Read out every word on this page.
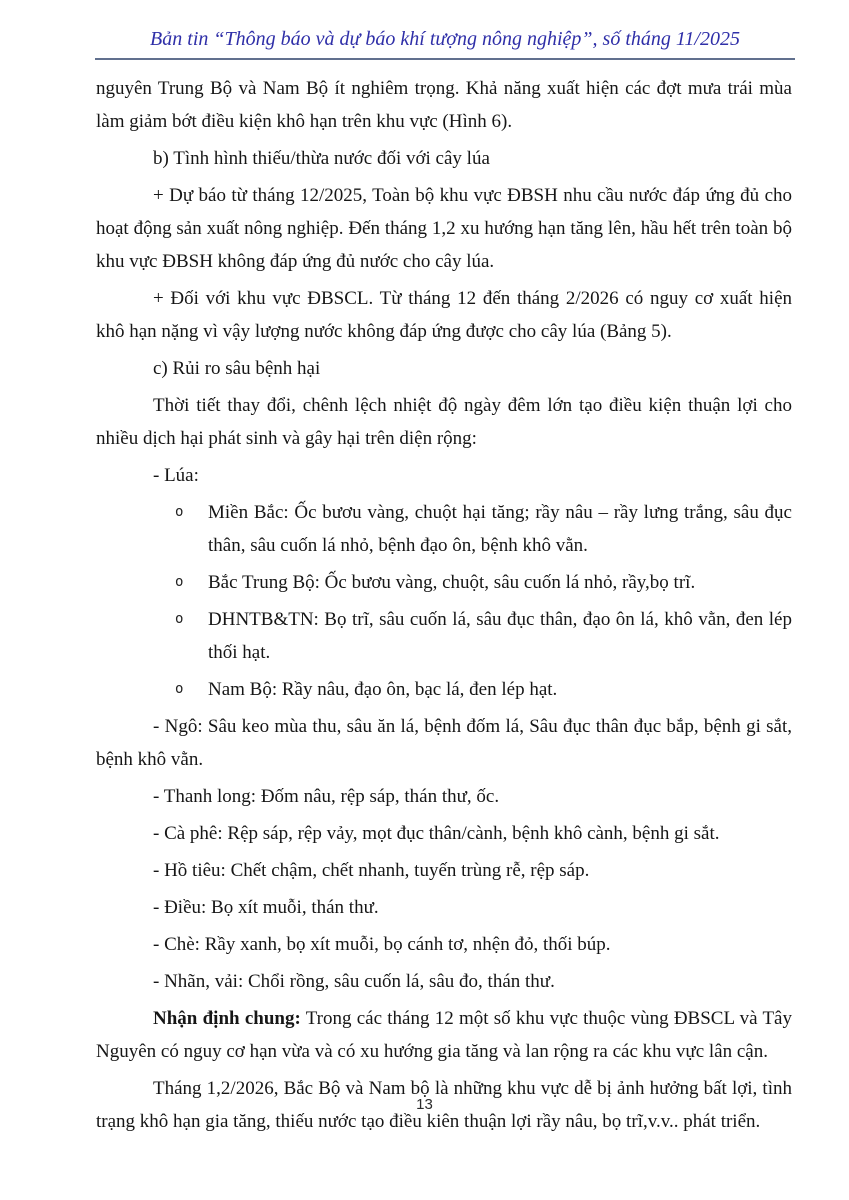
Bản tin “Thông báo và dự báo khí tượng nông nghiệp”, số tháng 11/2025

nguyên Trung Bộ và Nam Bộ ít nghiêm trọng. Khả năng xuất hiện các đợt mưa trái mùa làm giảm bớt điều kiện khô hạn trên khu vực (Hình 6).

b) Tình hình thiếu/thừa nước đối với cây lúa

+ Dự báo từ tháng 12/2025, Toàn bộ khu vực ĐBSH nhu cầu nước đáp ứng đủ cho hoạt động sản xuất nông nghiệp. Đến tháng 1,2 xu hướng hạn tăng lên, hầu hết trên toàn bộ khu vực ĐBSH không đáp ứng đủ nước cho cây lúa.

+ Đối với khu vực ĐBSCL. Từ tháng 12 đến tháng 2/2026 có nguy cơ xuất hiện khô hạn nặng vì vậy lượng nước không đáp ứng được cho cây lúa (Bảng 5).

c) Rủi ro sâu bệnh hại

Thời tiết thay đổi, chênh lệch nhiệt độ ngày đêm lớn tạo điều kiện thuận lợi cho nhiều dịch hại phát sinh và gây hại trên diện rộng:

- Lúa:

o	Miền Bắc: Ốc bươu vàng, chuột hại tăng; rầy nâu – rầy lưng trắng, sâu đục thân, sâu cuốn lá nhỏ, bệnh đạo ôn, bệnh khô vằn.
o	Bắc Trung Bộ: Ốc bươu vàng, chuột, sâu cuốn lá nhỏ, rầy,bọ trĩ.
o	DHNTB&TN: Bọ trĩ, sâu cuốn lá, sâu đục thân, đạo ôn lá, khô vằn, đen lép thối hạt.
o	Nam Bộ: Rầy nâu, đạo ôn, bạc lá, đen lép hạt.

- Ngô: Sâu keo mùa thu, sâu ăn lá, bệnh đốm lá, Sâu đục thân đục bắp, bệnh gi sắt, bệnh khô vằn.

- Thanh long: Đốm nâu, rệp sáp, thán thư, ốc.

- Cà phê: Rệp sáp, rệp vảy, mọt đục thân/cành, bệnh khô cành, bệnh gi sắt.

- Hồ tiêu: Chết chậm, chết nhanh, tuyến trùng rễ, rệp sáp.

- Điều: Bọ xít muỗi, thán thư.

- Chè: Rầy xanh, bọ xít muỗi, bọ cánh tơ, nhện đỏ, thối búp.

- Nhãn, vải: Chổi rồng, sâu cuốn lá, sâu đo, thán thư.

Nhận định chung: Trong các tháng 12 một số khu vực thuộc vùng ĐBSCL và Tây Nguyên có nguy cơ hạn vừa và có xu hướng gia tăng và lan rộng ra các khu vực lân cận.

Tháng 1,2/2026, Bắc Bộ và Nam bộ là những khu vực dễ bị ảnh hưởng bất lợi, tình trạng khô hạn gia tăng, thiếu nước tạo điều kiên thuận lợi rầy nâu, bọ trĩ,v.v.. phát triển.

13
